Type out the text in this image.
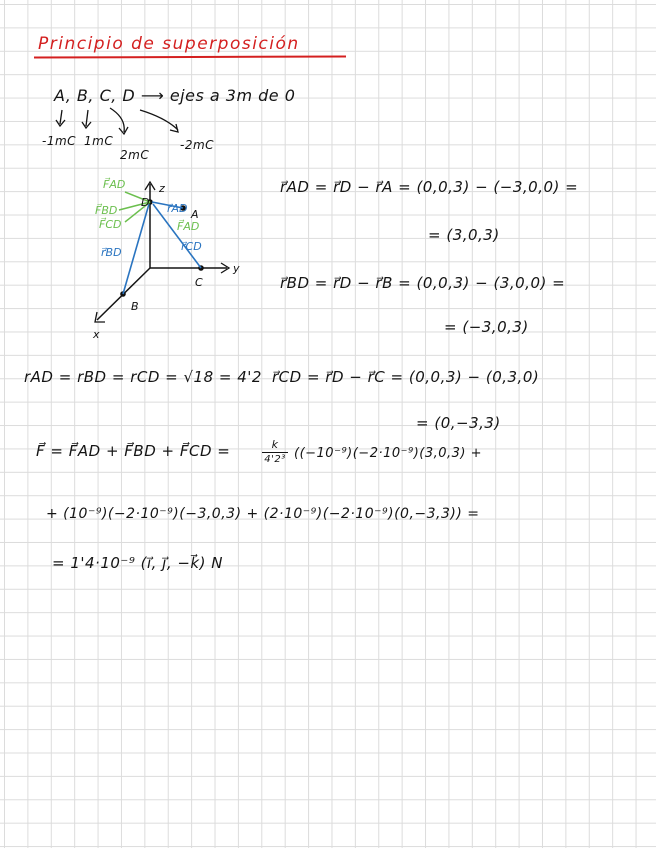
Principio de superposición
A, B, C, D ⟶ ejes a 3m de 0
-1mC 1mC
2mC
-2mC
z
y
x
D
A
C
B
r⃗AD
r⃗CD
r⃗BD
F⃗AD
F⃗BD
F⃗CD	F⃗AD
r⃗AD = r⃗D − r⃗A = (0,0,3) − (−3,0,0) =
= (3,0,3)
r⃗BD = r⃗D − r⃗B = (0,0,3) − (3,0,0) =
= (−3,0,3)
rAD = rBD = rCD = √18 = 4'2 r⃗CD = r⃗D − r⃗C = (0,0,3) − (0,3,0)
= (0,−3,3)
F⃗ = F⃗AD + F⃗BD + F⃗CD =	k
4'2³ ((−10⁻⁹)(−2·10⁻⁹)(3,0,3) +
+ (10⁻⁹)(−2·10⁻⁹)(−3,0,3) + (2·10⁻⁹)(−2·10⁻⁹)(0,−3,3)) =
= 1'4·10⁻⁹ (ı⃗, ȷ⃗, −k⃗) N
